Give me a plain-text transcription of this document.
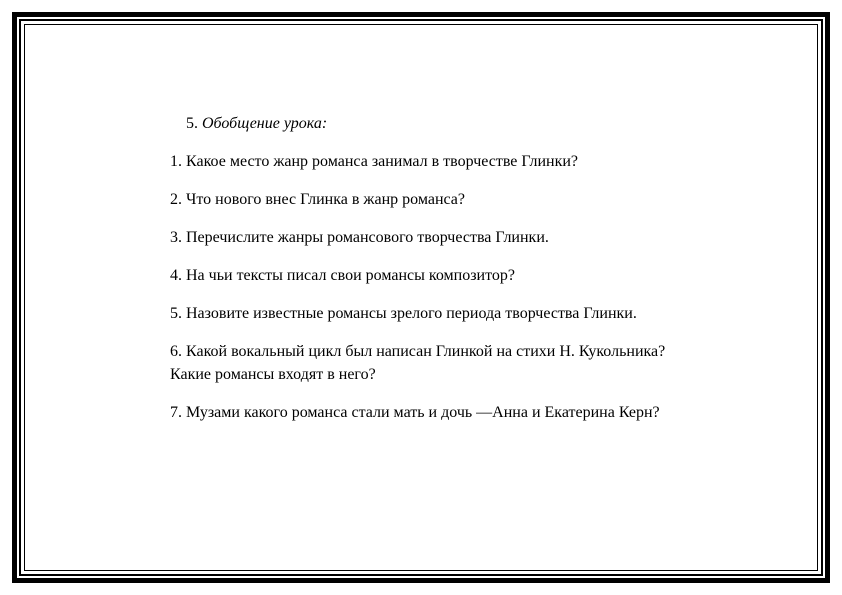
5. Обобщение урока:

1. Какое место жанр романса занимал в творчестве Глинки?

2. Что нового внес Глинка в жанр романса?

3. Перечислите жанры романсового творчества Глинки.

4. На чьи тексты писал свои романсы композитор?

5. Назовите известные романсы зрелого периода творчества Глинки.

6. Какой вокальный цикл был написан Глинкой на стихи Н. Кукольника? Какие романсы входят в него?

7. Музами какого романса стали мать и дочь —Анна и Екатерина Керн?
